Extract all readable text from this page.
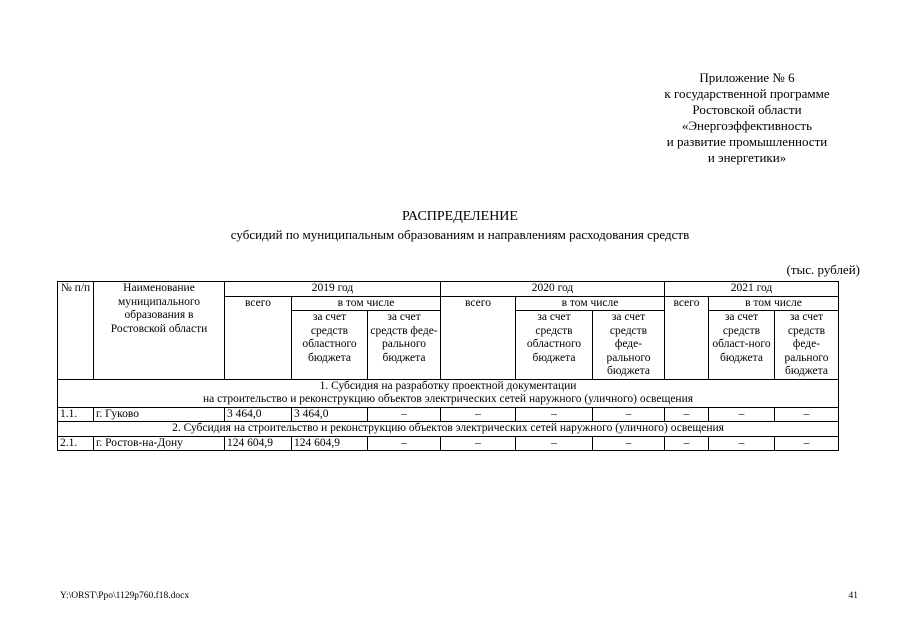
Приложение № 6
к государственной программе
Ростовской области
«Энергоэффективность
и развитие промышленности
и энергетики»
РАСПРЕДЕЛЕНИЕ
субсидий по муниципальным образованиям и направлениям расходования средств
(тыс. рублей)
№ п/п	Наименование муниципального образования в Ростовской области	2019 год			2020 год			2021 год		
		всего	в том числе		всего	в том числе		всего	в том числе	
			за счет средств областного бюджета	за счет средств феде-рального бюджета		за счет средств областного бюджета	за счет средств феде-рального бюджета		за счет средств област-ного бюджета	за счет средств феде-рального бюджета

1. Субсидия на разработку проектной документации
на строительство и реконструкцию объектов электрических сетей наружного (уличного) освещения										

1.1.	г. Гуково	3 464,0	3 464,0	–	–	–	–	–	–	–

2. Субсидия на строительство и реконструкцию объектов электрических сетей наружного (уличного) освещения										

2.1.	г. Ростов-на-Дону	124 604,9	124 604,9	–	–	–	–	–	–	–
Y:\ORST\Ppo\1129p760.f18.docx	41
